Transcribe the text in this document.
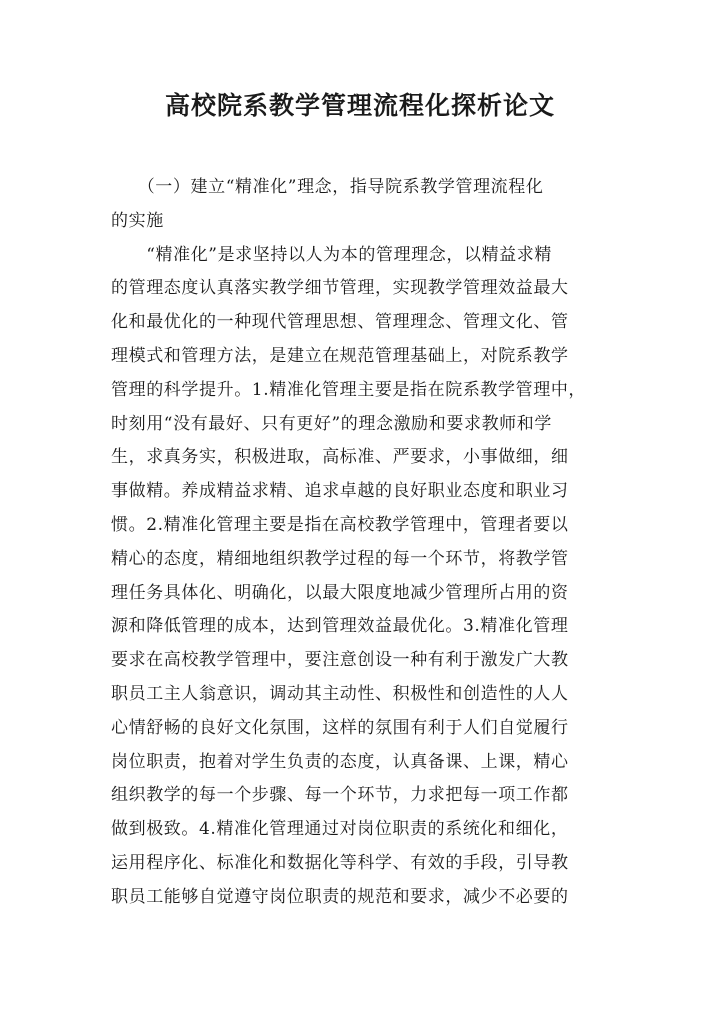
高校院系教学管理流程化探析论文
　　（一）建立“精准化”理念，指导院系教学管理流程化
的实施
　　“精准化”是求坚持以人为本的管理理念，以精益求精
的管理态度认真落实教学细节管理，实现教学管理效益最大
化和最优化的一种现代管理思想、管理理念、管理文化、管
理模式和管理方法，是建立在规范管理基础上，对院系教学
管理的科学提升。1.精准化管理主要是指在院系教学管理中，
时刻用“没有最好、只有更好”的理念激励和要求教师和学
生，求真务实，积极进取，高标准、严要求，小事做细，细
事做精。养成精益求精、追求卓越的良好职业态度和职业习
惯。2.精准化管理主要是指在高校教学管理中，管理者要以
精心的态度，精细地组织教学过程的每一个环节，将教学管
理任务具体化、明确化，以最大限度地减少管理所占用的资
源和降低管理的成本，达到管理效益最优化。3.精准化管理
要求在高校教学管理中，要注意创设一种有利于激发广大教
职员工主人翁意识，调动其主动性、积极性和创造性的人人
心情舒畅的良好文化氛围，这样的氛围有利于人们自觉履行
岗位职责，抱着对学生负责的态度，认真备课、上课，精心
组织教学的每一个步骤、每一个环节，力求把每一项工作都
做到极致。4.精准化管理通过对岗位职责的系统化和细化，
运用程序化、标准化和数据化等科学、有效的手段，引导教
职员工能够自觉遵守岗位职责的规范和要求，减少不必要的
